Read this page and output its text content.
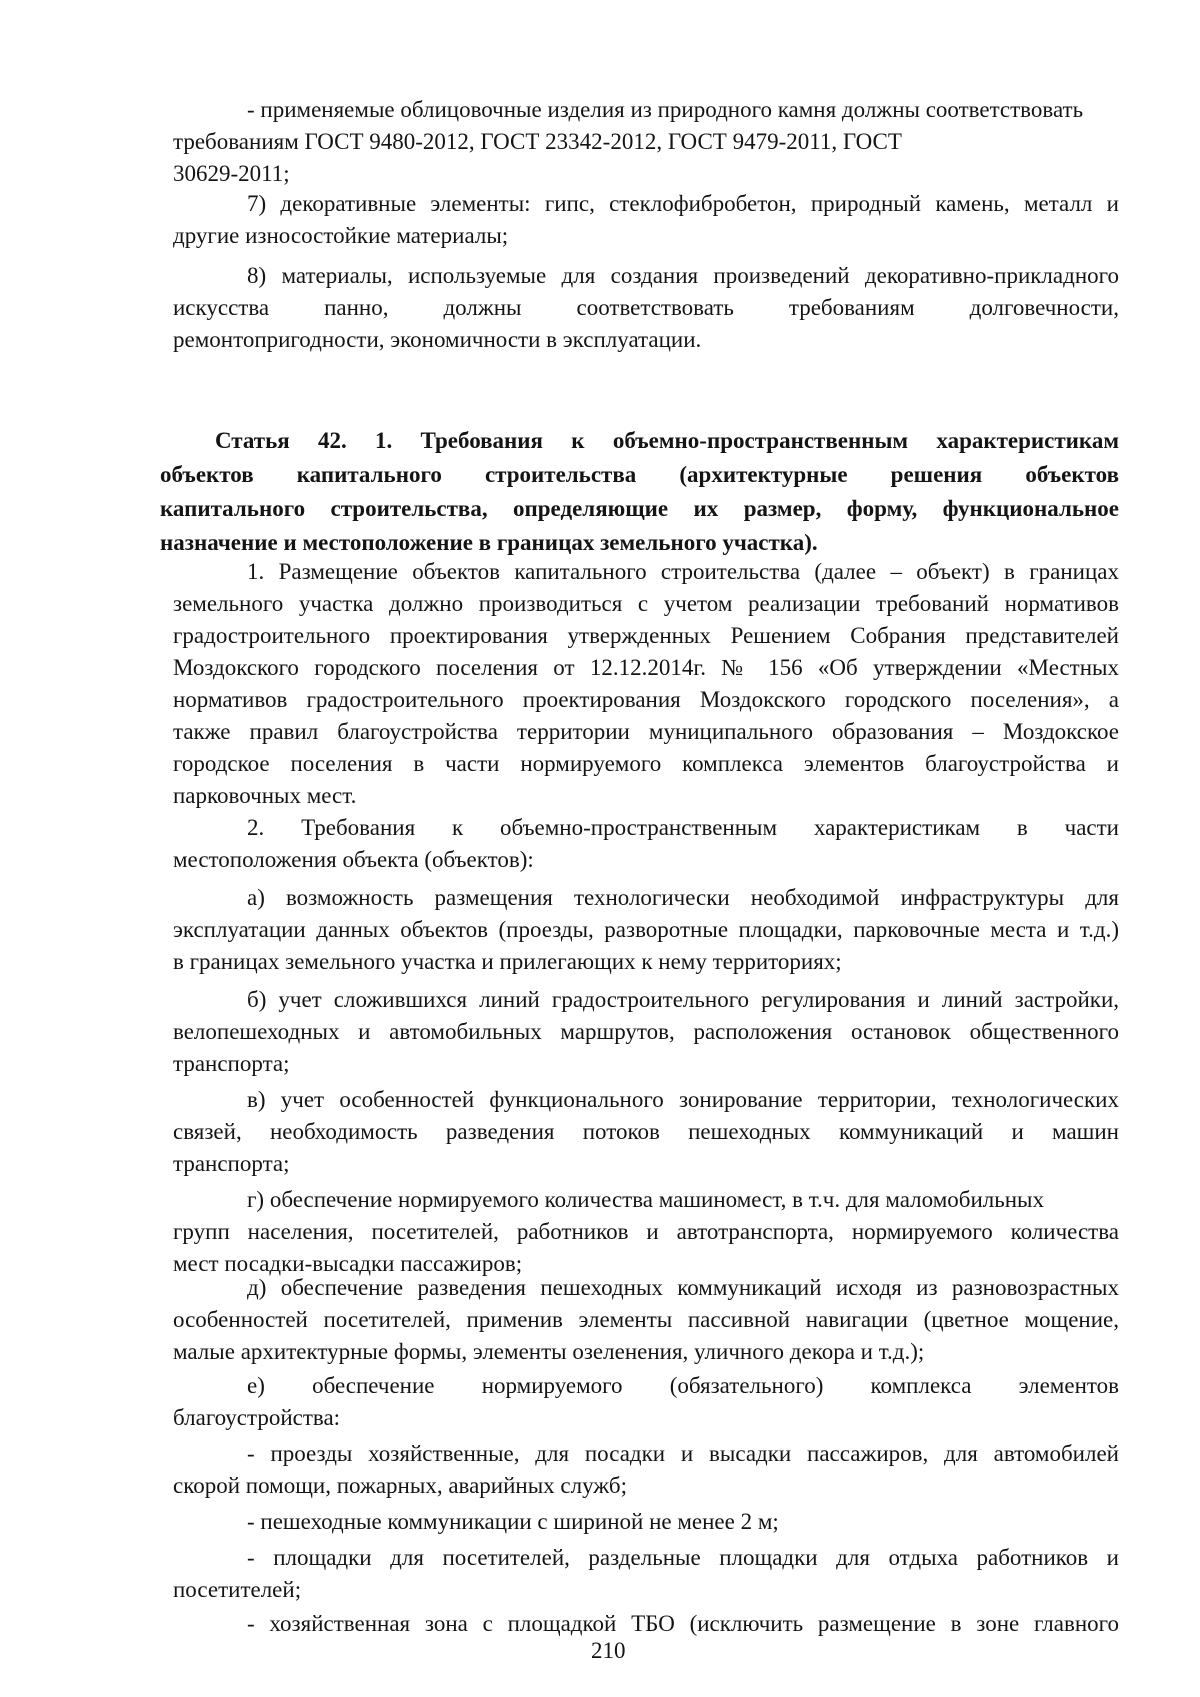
- применяемые облицовочные изделия из природного камня должны соответствовать
требованиям ГОСТ 9480-2012, ГОСТ 23342-2012, ГОСТ 9479-2011, ГОСТ
30629-2011;
7) декоративные элементы: гипс, стеклофибробетон, природный камень, металл и
другие износостойкие материалы;
8) материалы, используемые для создания произведений декоративно-прикладного
искусства панно, должны соответствовать требованиям долговечности,
ремонтопригодности, экономичности в эксплуатации.
Статья 42. 1. Требования к объемно-пространственным характеристикам
объектов капитального строительства (архитектурные решения объектов
капитального строительства, определяющие их размер, форму, функциональное
назначение и местоположение в границах земельного участка).
1. Размещение объектов капитального строительства (далее – объект) в границах
земельного участка должно производиться с учетом реализации требований нормативов
градостроительного проектирования утвержденных Решением Собрания представителей
Моздокского городского поселения от 12.12.2014г. № 156 «Об утверждении «Местных
нормативов градостроительного проектирования Моздокского городского поселения», а
также правил благоустройства территории муниципального образования – Моздокское
городское поселения в части нормируемого комплекса элементов благоустройства и
парковочных мест.
2. Требования к объемно-пространственным характеристикам в части
местоположения объекта (объектов):
а) возможность размещения технологически необходимой инфраструктуры для
эксплуатации данных объектов (проезды, разворотные площадки, парковочные места и т.д.)
в границах земельного участка и прилегающих к нему территориях;
б) учет сложившихся линий градостроительного регулирования и линий застройки,
велопешеходных и автомобильных маршрутов, расположения остановок общественного
транспорта;
в) учет особенностей функционального зонирование территории, технологических
связей, необходимость разведения потоков пешеходных коммуникаций и машин
транспорта;
г) обеспечение нормируемого количества машиномест, в т.ч. для маломобильных
групп населения, посетителей, работников и автотранспорта, нормируемого количества
мест посадки-высадки пассажиров;
д) обеспечение разведения пешеходных коммуникаций исходя из разновозрастных
особенностей посетителей, применив элементы пассивной навигации (цветное мощение,
малые архитектурные формы, элементы озеленения, уличного декора и т.д.);
е) обеспечение нормируемого (обязательного) комплекса элементов
благоустройства:
- проезды хозяйственные, для посадки и высадки пассажиров, для автомобилей
скорой помощи, пожарных, аварийных служб;
- пешеходные коммуникации с шириной не менее 2 м;
- площадки для посетителей, раздельные площадки для отдыха работников и
посетителей;
- хозяйственная зона с площадкой ТБО (исключить размещение в зоне главного
210
